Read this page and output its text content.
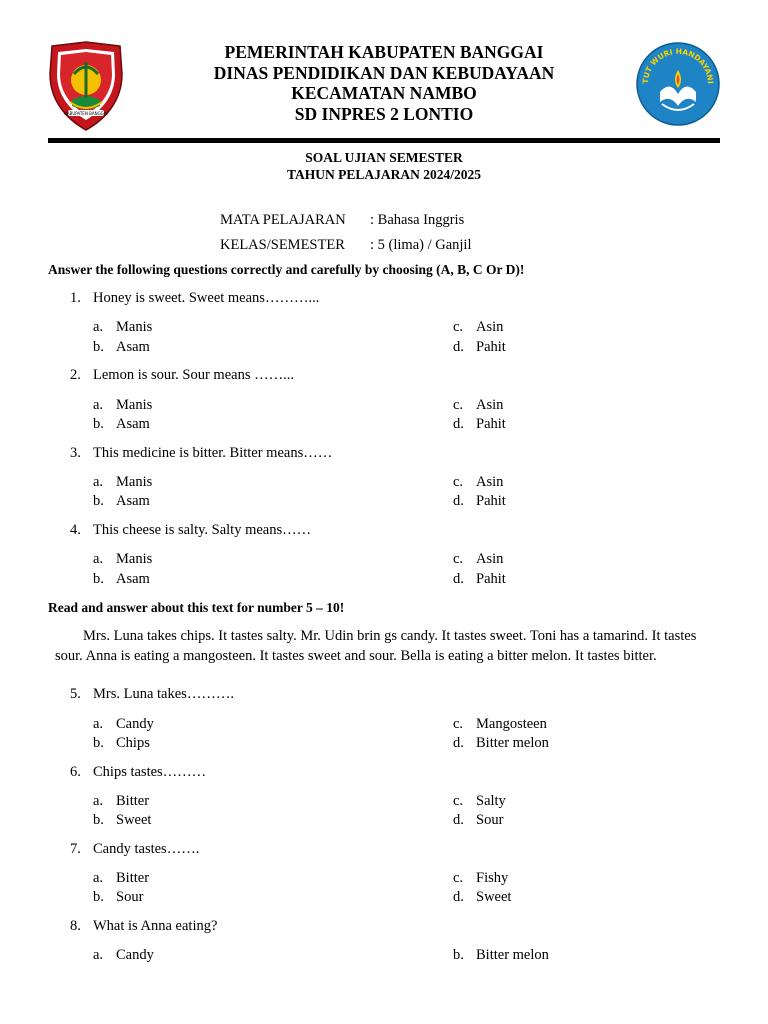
KABUPATEN BANGGAI

PEMERINTAH KABUPATEN BANGGAI

DINAS PENDIDIKAN DAN KEBUDAYAAN

KECAMATAN NAMBO

SD INPRES 2 LONTIO

TUT WURI HANDAYANI
SOAL UJIAN SEMESTER
TAHUN PELAJARAN 2024/2025
MATA PELAJARAN	: Bahasa Inggris
KELAS/SEMESTER	: 5 (lima) / Ganjil
Answer the following questions correctly and carefully by choosing (A, B, C Or D)!
1. Honey is sweet. Sweet means………...
a. Manis
b. Asam
c. Asin
d. Pahit
2. Lemon is sour. Sour means ……...
a. Manis
b. Asam
c. Asin
d. Pahit
3. This medicine is bitter. Bitter means……
a. Manis
b. Asam
c. Asin
d. Pahit
4. This cheese is salty. Salty means……
a. Manis
b. Asam
c. Asin
d. Pahit
Read and answer about this text for number 5 – 10!
Mrs. Luna takes chips. It tastes salty. Mr. Udin brin gs candy. It tastes sweet. Toni has a tamarind. It tastes sour. Anna is eating a mangosteen. It tastes sweet and sour. Bella is eating a bitter melon. It tastes bitter.
5. Mrs. Luna takes……….
a. Candy
b. Chips
c. Mangosteen
d. Bitter melon
6. Chips tastes………
a. Bitter
b. Sweet
c. Salty
d. Sour
7. Candy tastes…….
a. Bitter
b. Sour
c. Fishy
d. Sweet
8. What is Anna eating?
a. Candy	b. Bitter melon
